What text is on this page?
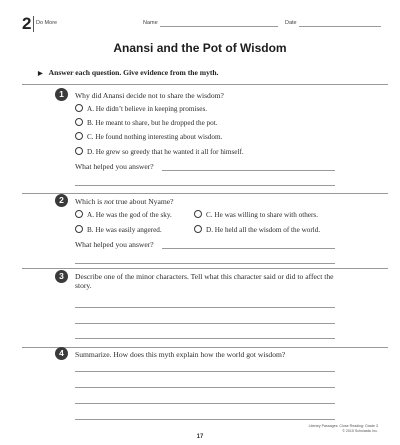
2 Do More	Name	Date
Anansi and the Pot of Wisdom
▶ Answer each question. Give evidence from the myth.
1	Why did Anansi decide not to share the wisdom?
A. He didn’t believe in keeping promises.
B. He meant to share, but he dropped the pot.
C. He found nothing interesting about wisdom.
D. He grew so greedy that he wanted it all for himself.
What helped you answer?
2	Which is not true about Nyame?
A. He was the god of the sky.	C. He was willing to share with others.
B. He was easily angered.	D. He held all the wisdom of the world.
What helped you answer?
3	Describe one of the minor characters. Tell what this character said or did to affect the story.
4	Summarize. How does this myth explain how the world got wisdom?
17
Literary Passages: Close Reading: Grade 3
© 2015 Scholastic Inc.
